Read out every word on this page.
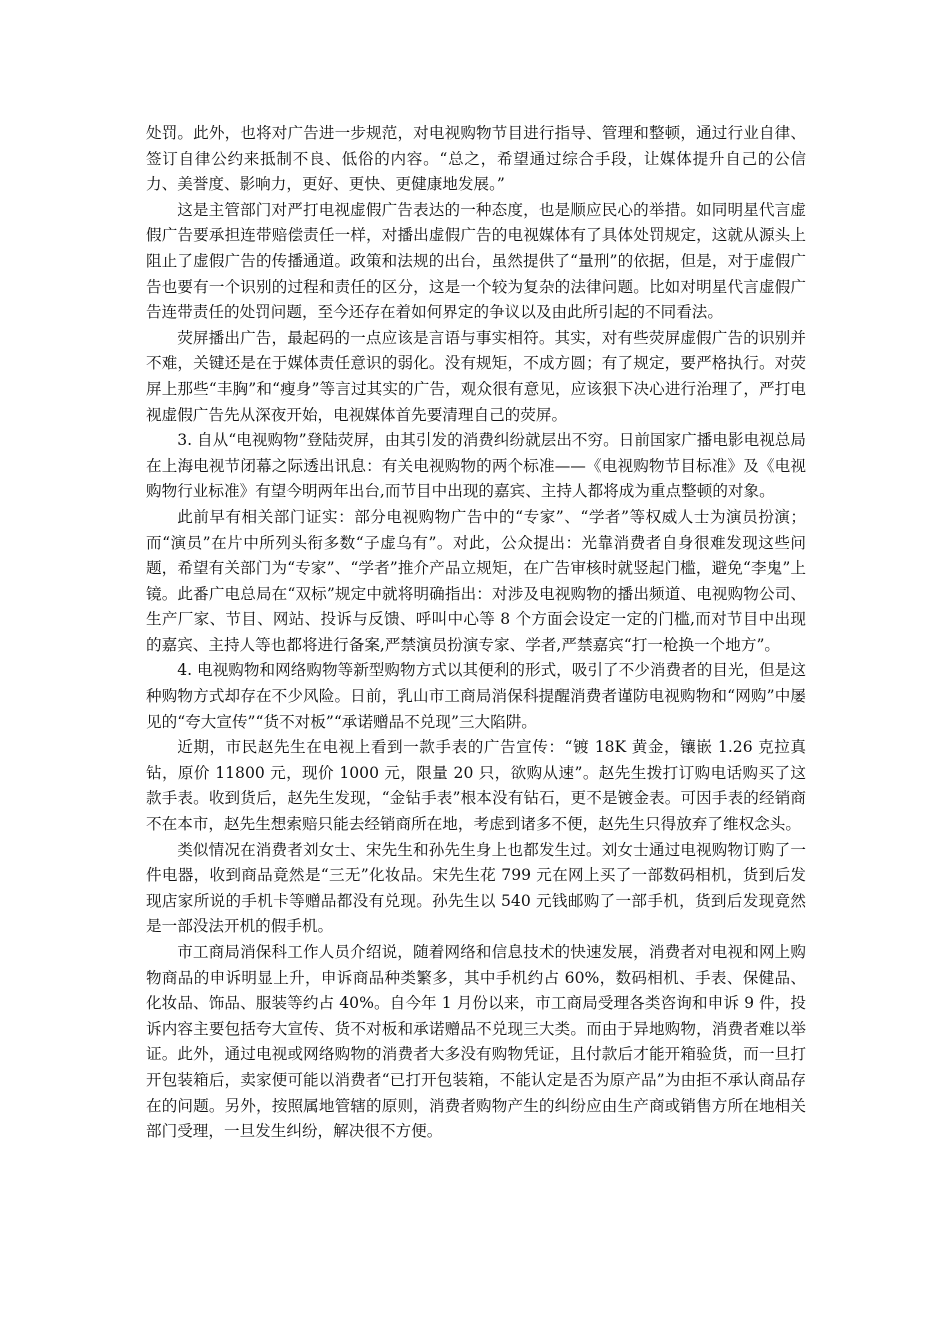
处罚。此外，也将对广告进一步规范，对电视购物节目进行指导、管理和整顿，通过行业自律、签订自律公约来抵制不良、低俗的内容。“总之，希望通过综合手段，让媒体提升自己的公信力、美誉度、影响力，更好、更快、更健康地发展。”

这是主管部门对严打电视虚假广告表达的一种态度，也是顺应民心的举措。如同明星代言虚假广告要承担连带赔偿责任一样，对播出虚假广告的电视媒体有了具体处罚规定，这就从源头上阻止了虚假广告的传播通道。政策和法规的出台，虽然提供了“量刑”的依据，但是，对于虚假广告也要有一个识别的过程和责任的区分，这是一个较为复杂的法律问题。比如对明星代言虚假广告连带责任的处罚问题，至今还存在着如何界定的争议以及由此所引起的不同看法。

荧屏播出广告，最起码的一点应该是言语与事实相符。其实，对有些荧屏虚假广告的识别并不难，关键还是在于媒体责任意识的弱化。没有规矩，不成方圆；有了规定，要严格执行。对荧屏上那些“丰胸”和“瘦身”等言过其实的广告，观众很有意见，应该狠下决心进行治理了，严打电视虚假广告先从深夜开始，电视媒体首先要清理自己的荧屏。

3. 自从“电视购物”登陆荧屏，由其引发的消费纠纷就层出不穷。日前国家广播电影电视总局在上海电视节闭幕之际透出讯息：有关电视购物的两个标准——《电视购物节目标准》及《电视购物行业标准》有望今明两年出台,而节目中出现的嘉宾、主持人都将成为重点整顿的对象。

此前早有相关部门证实：部分电视购物广告中的“专家”、“学者”等权威人士为演员扮演；而“演员”在片中所列头衔多数“子虚乌有”。对此，公众提出：光靠消费者自身很难发现这些问题，希望有关部门为“专家”、“学者”推介产品立规矩，在广告审核时就竖起门槛，避免“李鬼”上镜。此番广电总局在“双标”规定中就将明确指出：对涉及电视购物的播出频道、电视购物公司、生产厂家、节目、网站、投诉与反馈、呼叫中心等 8 个方面会设定一定的门槛,而对节目中出现的嘉宾、主持人等也都将进行备案,严禁演员扮演专家、学者,严禁嘉宾“打一枪换一个地方”。

4. 电视购物和网络购物等新型购物方式以其便利的形式，吸引了不少消费者的目光，但是这种购物方式却存在不少风险。日前，乳山市工商局消保科提醒消费者谨防电视购物和“网购”中屡见的“夸大宣传”“货不对板”“承诺赠品不兑现”三大陷阱。

近期，市民赵先生在电视上看到一款手表的广告宣传：“镀 18K 黄金，镶嵌 1.26 克拉真钻，原价 11800 元，现价 1000 元，限量 20 只，欲购从速”。赵先生拨打订购电话购买了这款手表。收到货后，赵先生发现，“金钻手表”根本没有钻石，更不是镀金表。可因手表的经销商不在本市，赵先生想索赔只能去经销商所在地，考虑到诸多不便，赵先生只得放弃了维权念头。

类似情况在消费者刘女士、宋先生和孙先生身上也都发生过。刘女士通过电视购物订购了一件电器，收到商品竟然是“三无”化妆品。宋先生花 799 元在网上买了一部数码相机，货到后发现店家所说的手机卡等赠品都没有兑现。孙先生以 540 元钱邮购了一部手机，货到后发现竟然是一部没法开机的假手机。

市工商局消保科工作人员介绍说，随着网络和信息技术的快速发展，消费者对电视和网上购物商品的申诉明显上升，申诉商品种类繁多，其中手机约占 60%，数码相机、手表、保健品、化妆品、饰品、服装等约占 40%。自今年 1 月份以来，市工商局受理各类咨询和申诉 9 件，投诉内容主要包括夸大宣传、货不对板和承诺赠品不兑现三大类。而由于异地购物，消费者难以举证。此外，通过电视或网络购物的消费者大多没有购物凭证，且付款后才能开箱验货，而一旦打开包装箱后，卖家便可能以消费者“已打开包装箱，不能认定是否为原产品”为由拒不承认商品存在的问题。另外，按照属地管辖的原则，消费者购物产生的纠纷应由生产商或销售方所在地相关部门受理，一旦发生纠纷，解决很不方便。
